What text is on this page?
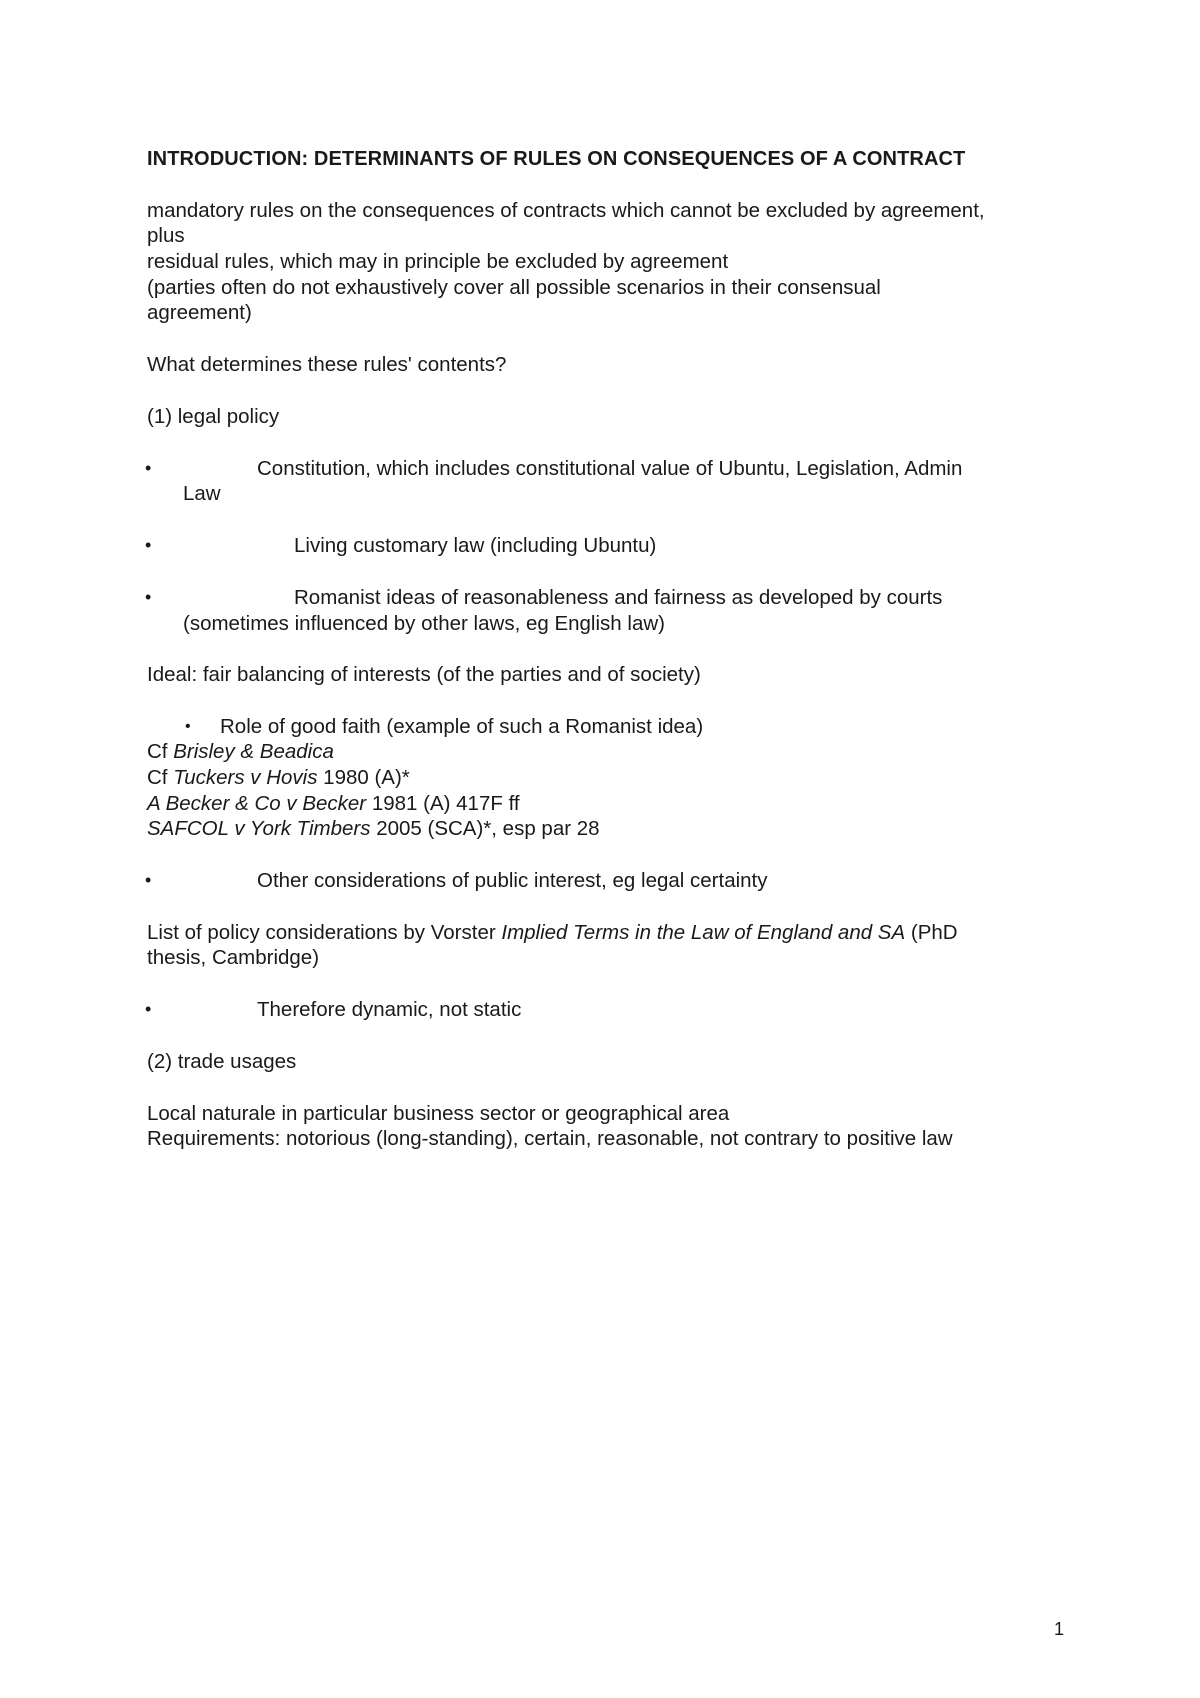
INTRODUCTION: DETERMINANTS OF RULES ON CONSEQUENCES OF A CONTRACT
mandatory rules on the consequences of contracts which cannot be excluded by agreement,
plus
residual rules, which may in principle be excluded by agreement
(parties often do not exhaustively cover all possible scenarios in their consensual
agreement)
What determines these rules' contents?
(1) legal policy
•	Constitution, which includes constitutional value of Ubuntu, Legislation, Admin
Law
•	Living customary law (including Ubuntu)
•	Romanist ideas of reasonableness and fairness as developed by courts
(sometimes influenced by other laws, eg English law)
Ideal: fair balancing of interests (of the parties and of society)
• Role of good faith (example of such a Romanist idea)
Cf Brisley & Beadica
Cf Tuckers v Hovis 1980 (A)*
A Becker & Co v Becker 1981 (A) 417F ff
SAFCOL v York Timbers 2005 (SCA)*, esp par 28
•	Other considerations of public interest, eg legal certainty
List of policy considerations by Vorster Implied Terms in the Law of England and SA (PhD
thesis, Cambridge)
•	Therefore dynamic, not static
(2) trade usages
Local naturale in particular business sector or geographical area
Requirements: notorious (long-standing), certain, reasonable, not contrary to positive law
1
